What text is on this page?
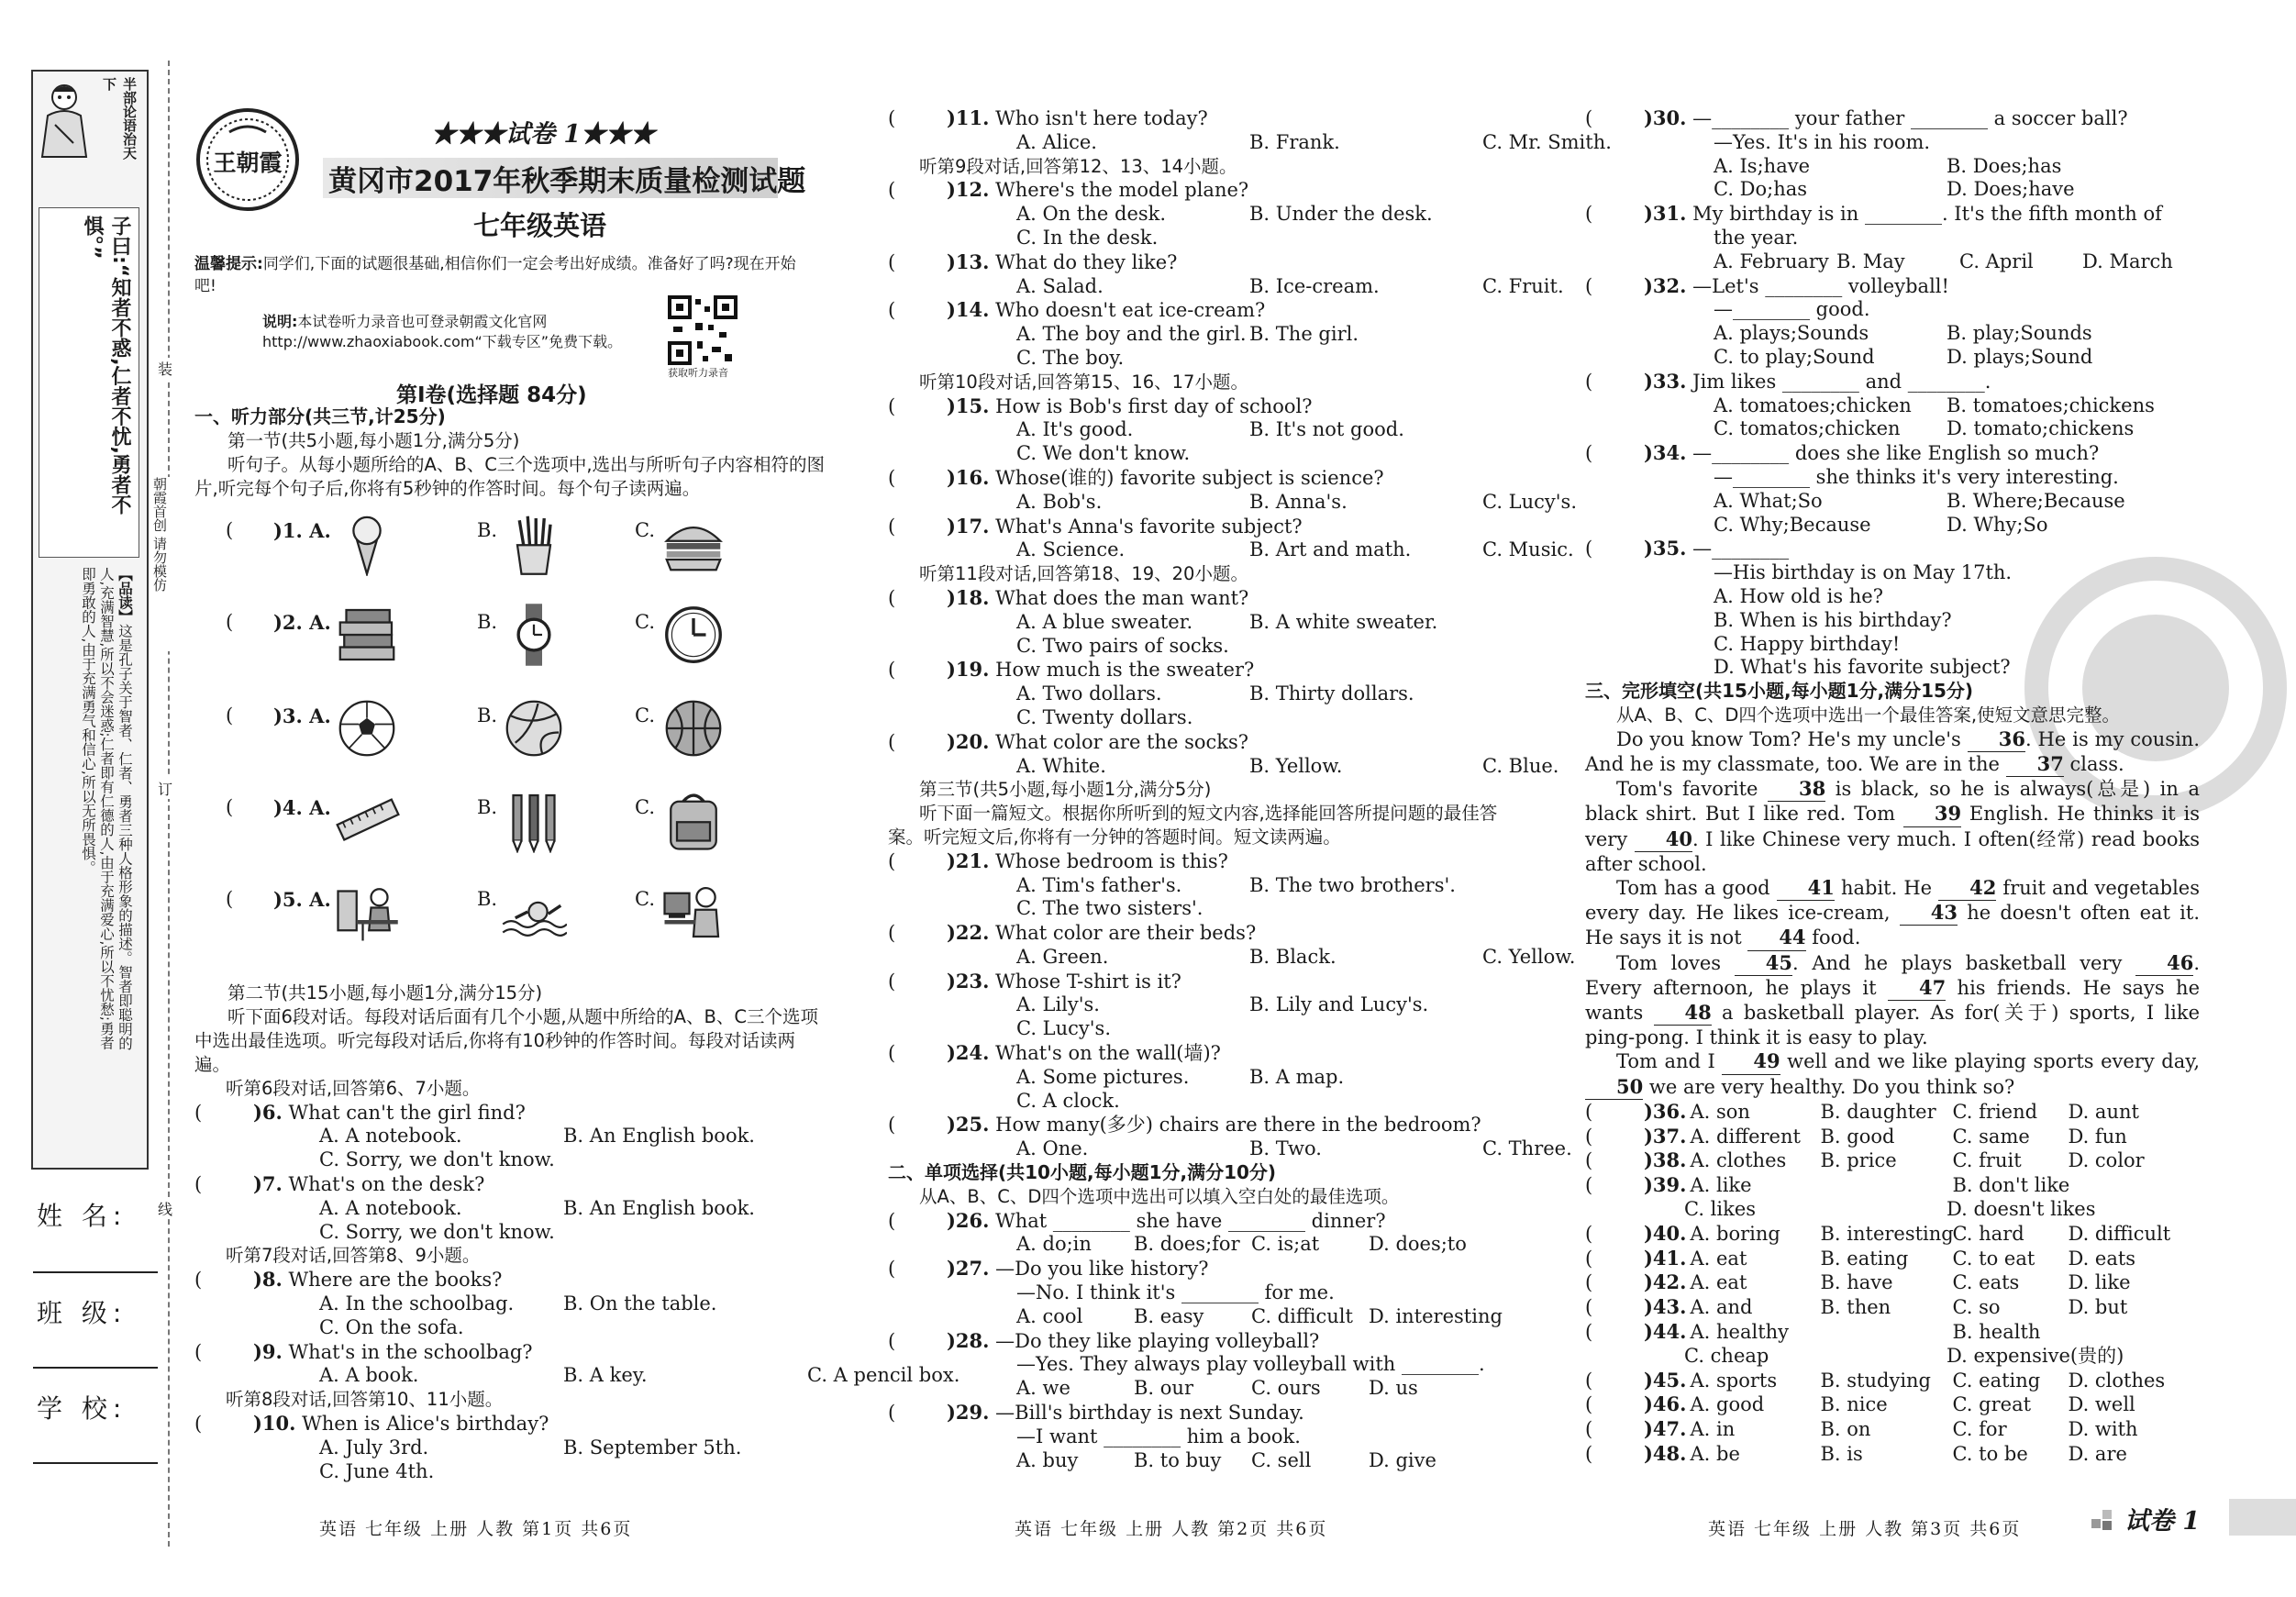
半部论语治天下
子曰:“知者不惑,仁者不忧,勇者不惧。”
【品读】这是孔子关于智者、仁者、勇者三种人格形象的描述。智者即聪明的人,充满智慧,所以不会迷惑;仁者即有仁德的人,由于充满爱心,所以不忧愁;勇者即勇敢的人,由于充满勇气和信心,所以无所畏惧。
姓 名:
班 级:
学 校:
装
朝霞首创 请勿模仿
订
线
王朝霞
★★★试卷 1★★★
黄冈市2017年秋季期末质量检测试题
七年级英语
温馨提示:同学们,下面的试题很基础,相信你们一定会考出好成绩。准备好了吗?现在开始吧!
说明:本试卷听力录音也可登录朝霞文化官网http://www.zhaoxiabook.com“下载专区”免费下载。
获取听力录音
第Ⅰ卷(选择题 84分)
一、听力部分(共三节,计25分)
第一节(共5小题,每小题1分,满分5分)
听句子。从每小题所给的A、B、C三个选项中,选出与所听句子内容相符的图片,听完每个句子后,你将有5秒钟的作答时间。每个句子读两遍。
( )1. A.	B.	C.
( )2. A.	B.	C.
( )3. A.	B.	C.
( )4. A.	B.	C.
( )5. A.	B.	C.
第二节(共15小题,每小题1分,满分15分)
听下面6段对话。每段对话后面有几个小题,从题中所给的A、B、C三个选项中选出最佳选项。听完每段对话后,你将有10秒钟的作答时间。每段对话读两遍。
听第6段对话,回答第6、7小题。
(	)6. What can't the girl find?
A. A notebook.	B. An English book.
C. Sorry, we don't know.
(	)7. What's on the desk?
A. A notebook.	B. An English book.
C. Sorry, we don't know.
听第7段对话,回答第8、9小题。
(	)8. Where are the books?
A. In the schoolbag.	B. On the table.
C. On the sofa.
(	)9. What's in the schoolbag?
A. A book.	B. A key.	C. A pencil box.
听第8段对话,回答第10、11小题。
(	)10. When is Alice's birthday?
A. July 3rd.	B. September 5th.
C. June 4th.
(	)11. Who isn't here today?
A. Alice.	B. Frank.	C. Mr. Smith.
听第9段对话,回答第12、13、14小题。
(	)12. Where's the model plane?
A. On the desk.	B. Under the desk.
C. In the desk.
(	)13. What do they like?
A. Salad.	B. Ice-cream.	C. Fruit.
(	)14. Who doesn't eat ice-cream?
A. The boy and the girl. B. The girl.
C. The boy.
听第10段对话,回答第15、16、17小题。
(	)15. How is Bob's first day of school?
A. It's good.	B. It's not good.
C. We don't know.
(	)16. Whose(谁的) favorite subject is science?
A. Bob's.	B. Anna's.	C. Lucy's.
(	)17. What's Anna's favorite subject?
A. Science.	B. Art and math.	C. Music.
听第11段对话,回答第18、19、20小题。
(	)18. What does the man want?
A. A blue sweater.	B. A white sweater.
C. Two pairs of socks.
(	)19. How much is the sweater?
A. Two dollars.	B. Thirty dollars.
C. Twenty dollars.
(	)20. What color are the socks?
A. White.	B. Yellow.	C. Blue.
第三节(共5小题,每小题1分,满分5分)
听下面一篇短文。根据你所听到的短文内容,选择能回答所提问题的最佳答案。听完短文后,你将有一分钟的答题时间。短文读两遍。
(	)21. Whose bedroom is this?
A. Tim's father's.	B. The two brothers'.
C. The two sisters'.
(	)22. What color are their beds?
A. Green.	B. Black.	C. Yellow.
(	)23. Whose T-shirt is it?
A. Lily's.	B. Lily and Lucy's.
C. Lucy's.
(	)24. What's on the wall(墙)?
A. Some pictures.	B. A map.
C. A clock.
(	)25. How many(多少) chairs are there in the bedroom?
A. One.	B. Two.	C. Three.
二、单项选择(共10小题,每小题1分,满分10分)
从A、B、C、D四个选项中选出可以填入空白处的最佳选项。
(	)26. What ________ she have ________ dinner?
A. do;in B. does;for C. is;at	D. does;to
(	)27. —Do you like history?
—No. I think it's ________ for me.
A. cool	B. easy C. difficult D. interesting
(	)28. —Do they like playing volleyball?
—Yes. They always play volleyball with ________.
A. we	B. our	C. ours D. us
(	)29. —Bill's birthday is next Sunday.
—I want ________ him a book.
A. buy	B. to buy C. sell	D. give
(	)30. —________ your father ________ a soccer ball?
—Yes. It's in his room.
A. Is;have	B. Does;has
C. Do;has	D. Does;have
(	)31. My birthday is in ________. It's the fifth month of
the year.
A. February B. May	C. April	D. March
(	)32. —Let's ________ volleyball!
—________ good.
A. plays;Sounds	B. play;Sounds
C. to play;Sound	D. plays;Sound
(	)33. Jim likes ________ and ________.
A. tomatoes;chicken B. tomatoes;chickens
C. tomatos;chicken D. tomato;chickens
(	)34. —________ does she like English so much?
—________ she thinks it's very interesting.
A. What;So	B. Where;Because
C. Why;Because	D. Why;So
(	)35. —________
—His birthday is on May 17th.
A. How old is he?
B. When is his birthday?
C. Happy birthday!
D. What's his favorite subject?
三、完形填空(共15小题,每小题1分,满分15分)
从A、B、C、D四个选项中选出一个最佳答案,使短文意思完整。
Do you know Tom? He's my uncle's 36. He is my cousin. And he is my classmate, too. We are in the 37 class.
Tom's favorite 38 is black, so he is always(总是) in a black shirt. But I like red. Tom 39 English. He thinks it is very 40. I like Chinese very much. I often(经常) read books after school.
Tom has a good 41 habit. He 42 fruit and vegetables every day. He likes ice-cream, 43 he doesn't often eat it. He says it is not 44 food.
Tom loves 45. And he plays basketball very 46. Every afternoon, he plays it 47 his friends. He says he wants 48 a basketball player. As for(关于) sports, I like ping-pong. I think it is easy to play.
Tom and I 49 well and we like playing sports every day, 50 we are very healthy. Do you think so?
(	)36. A. son	B. daughter C. friend D. aunt
(	)37. A. different B. good	C. same D. fun
(	)38. A. clothes B. price	C. fruit D. color
(	)39. A. like	B. don't like
C. likes	D. doesn't likes
(	)40. A. boring B. interestingC. hard D. difficult
(	)41. A. eat	B. eating C. to eat D. eats
(	)42. A. eat	B. have	C. eats	D. like
(	)43. A. and	B. then	C. so	D. but
(	)44. A. healthy	B. health
C. cheap	D. expensive(贵的)
(	)45. A. sports B. studying C. eating D. clothes
(	)46. A. good	B. nice	C. great D. well
(	)47. A. in	B. on	C. for	D. with
(	)48. A. be	B. is	C. to be D. are
英语 七年级 上册 人教 第1页 共6页	英语 七年级 上册 人教 第2页 共6页	英语 七年级 上册 人教 第3页 共6页	试卷 1
